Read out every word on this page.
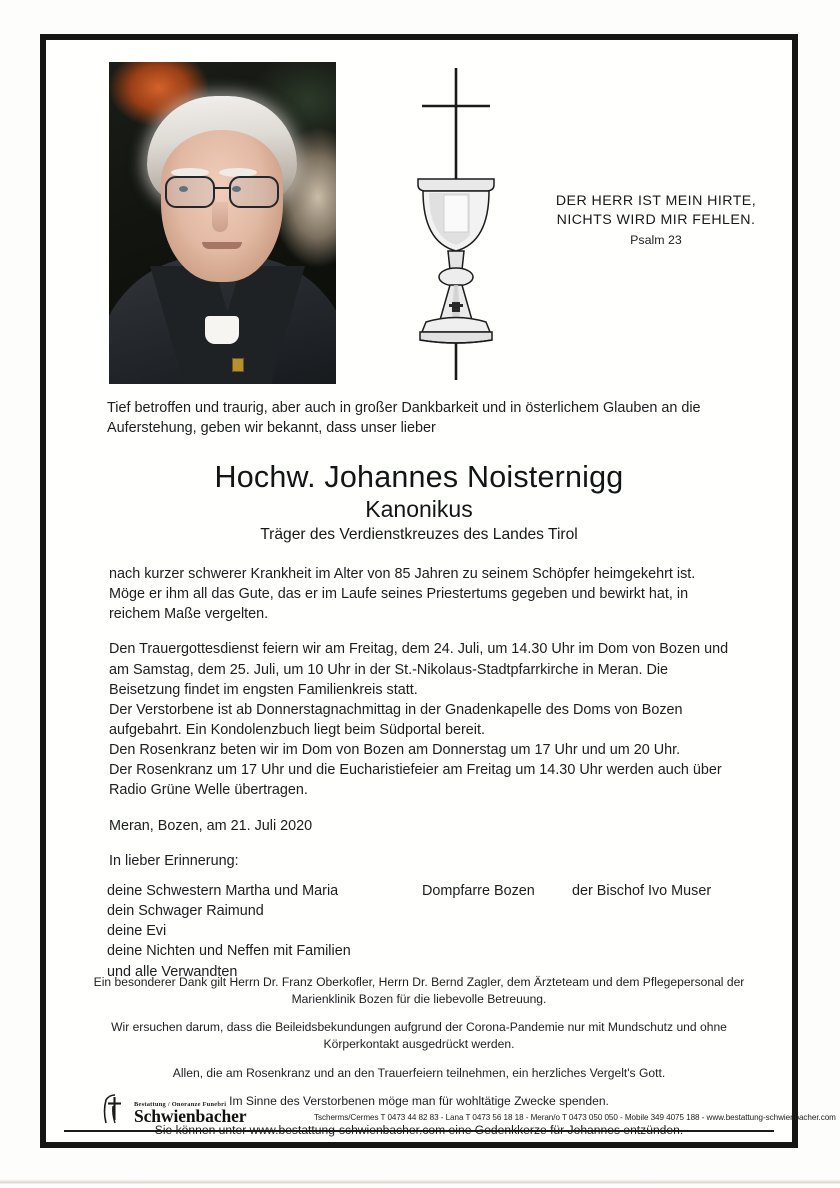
DER HERR IST MEIN HIRTE,
NICHTS WIRD MIR FEHLEN.
Psalm 23
Tief betroffen und traurig, aber auch in großer Dankbarkeit und in österlichem Glauben an die Auferstehung, geben wir bekannt, dass unser lieber
Hochw. Johannes Noisternigg
Kanonikus
Träger des Verdienstkreuzes des Landes Tirol
nach kurzer schwerer Krankheit im Alter von 85 Jahren zu seinem Schöpfer heimgekehrt ist. Möge er ihm all das Gute, das er im Laufe seines Priestertums gegeben und bewirkt hat, in reichem Maße vergelten.
Den Trauergottesdienst feiern wir am Freitag, dem 24. Juli, um 14.30 Uhr im Dom von Bozen und am Samstag, dem 25. Juli, um 10 Uhr in der St.-Nikolaus-Stadtpfarrkirche in Meran. Die Beisetzung findet im engsten Familienkreis statt.
Der Verstorbene ist ab Donnerstagnachmittag in der Gnadenkapelle des Doms von Bozen aufgebahrt. Ein Kondolenzbuch liegt beim Südportal bereit.
Den Rosenkranz beten wir im Dom von Bozen am Donnerstag um 17 Uhr und um 20 Uhr.
Der Rosenkranz um 17 Uhr und die Eucharistiefeier am Freitag um 14.30 Uhr werden auch über Radio Grüne Welle übertragen.
Meran, Bozen, am 21. Juli 2020
In lieber Erinnerung:
deine Schwestern Martha und Maria
dein Schwager Raimund
deine Evi
deine Nichten und Neffen mit Familien
und alle Verwandten
Dompfarre Bozen	der Bischof Ivo Muser
Ein besonderer Dank gilt Herrn Dr. Franz Oberkofler, Herrn Dr. Bernd Zagler, dem Ärzteteam und dem Pflegepersonal der Marienklinik Bozen für die liebevolle Betreuung.
Wir ersuchen darum, dass die Beileidsbekundungen aufgrund der Corona-Pandemie nur mit Mundschutz und ohne Körperkontakt ausgedrückt werden.
Allen, die am Rosenkranz und an den Trauerfeiern teilnehmen, ein herzliches Vergelt's Gott.
Im Sinne des Verstorbenen möge man für wohltätige Zwecke spenden.
Bestattung / Onoranze Funebri
Schwienbacher	Tscherms/Cermes T 0473 44 82 83 - Lana T 0473 56 18 18 - Meran/o T 0473 050 050 - Mobile 349 4075 188 - www.bestattung-schwienbacher.com
